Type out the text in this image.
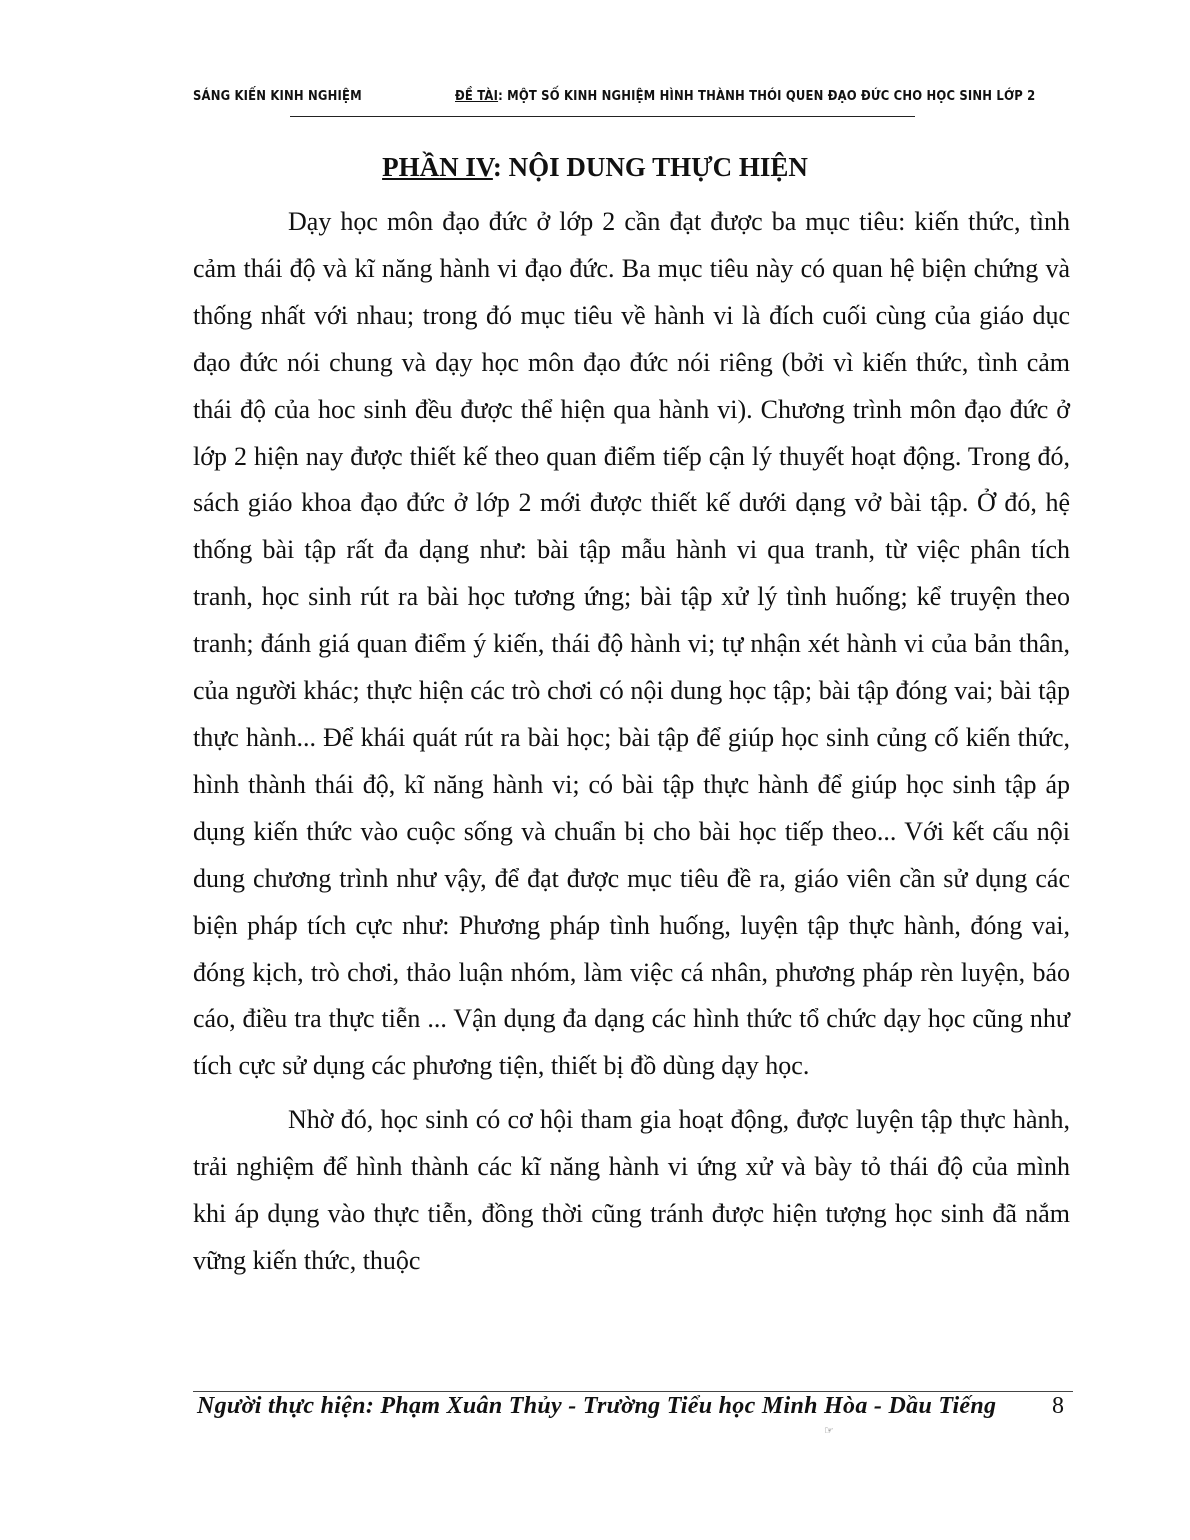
SÁNG KIẾN KINH NGHIỆM	ĐỀ TÀI: MỘT SỐ KINH NGHIỆM HÌNH THÀNH THÓI QUEN ĐẠO ĐỨC CHO HỌC SINH LỚP 2
PHẦN IV: NỘI DUNG THỰC HIỆN

Dạy học môn đạo đức ở lớp 2 cần đạt được ba mục tiêu: kiến thức, tình cảm thái độ và kĩ năng hành vi đạo đức. Ba mục tiêu này có quan hệ biện chứng và thống nhất với nhau; trong đó mục tiêu về hành vi là đích cuối cùng của giáo dục đạo đức nói chung và dạy học môn đạo đức nói riêng (bởi vì kiến thức, tình cảm thái độ của hoc sinh đều được thể hiện qua hành vi). Chương trình môn đạo đức ở lớp 2 hiện nay được thiết kế theo quan điểm tiếp cận lý thuyết hoạt động. Trong đó, sách giáo khoa đạo đức ở lớp 2 mới được thiết kế dưới dạng vở bài tập. Ở đó, hệ thống bài tập rất đa dạng như: bài tập mẫu hành vi qua tranh, từ việc phân tích tranh, học sinh rút ra bài học tương ứng; bài tập xử lý tình huống; kể truyện theo tranh; đánh giá quan điểm ý kiến, thái độ hành vi; tự nhận xét hành vi của bản thân, của người khác; thực hiện các trò chơi có nội dung học tập; bài tập đóng vai; bài tập thực hành... Để khái quát rút ra bài học; bài tập để giúp học sinh củng cố kiến thức, hình thành thái độ, kĩ năng hành vi; có bài tập thực hành để giúp học sinh tập áp dụng kiến thức vào cuộc sống và chuẩn bị cho bài học tiếp theo... Với kết cấu nội dung chương trình như vậy, để đạt được mục tiêu đề ra, giáo viên cần sử dụng các biện pháp tích cực như: Phương pháp tình huống, luyện tập thực hành, đóng vai, đóng kịch, trò chơi, thảo luận nhóm, làm việc cá nhân, phương pháp rèn luyện, báo cáo, điều tra thực tiễn ... Vận dụng đa dạng các hình thức tổ chức dạy học cũng như tích cực sử dụng các phương tiện, thiết bị đồ dùng dạy học.

Nhờ đó, học sinh có cơ hội tham gia hoạt động, được luyện tập thực hành, trải nghiệm để hình thành các kĩ năng hành vi ứng xử và bày tỏ thái độ của mình khi áp dụng vào thực tiễn, đồng thời cũng tránh được hiện tượng học sinh đã nắm vững kiến thức, thuộc

Người thực hiện: Phạm Xuân Thủy - Trường Tiểu học Minh Hòa - Dầu Tiếng 8
☞
